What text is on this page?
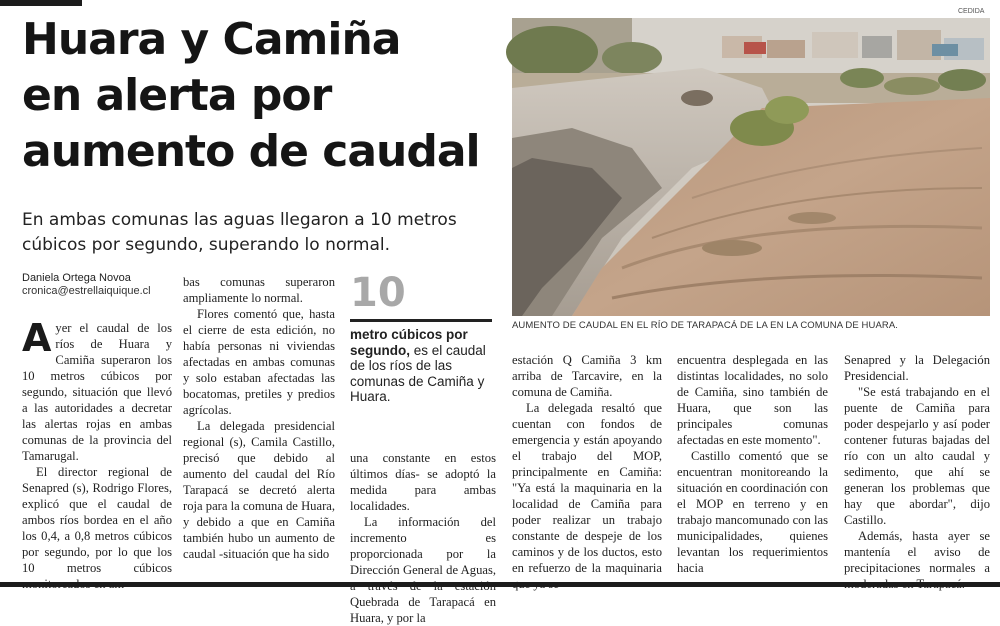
Huara y Camiña
en alerta por
aumento de caudal
En ambas comunas las aguas llegaron a 10 metros cúbicos por segundo, superando lo normal.
Daniela Ortega Novoa
cronica@estrellaiquique.cl

Ayer el caudal de los ríos de Huara y Camiña superaron los 10 metros cúbicos por segundo, situación que llevó a las autoridades a decretar las alertas rojas en ambas comunas de la provincia del Tamarugal.

El director regional de Senapred (s), Rodrigo Flores, explicó que el caudal de ambos ríos bordea en el año los 0,4, a 0,8 metros cúbicos por segundo, por lo que los 10 metros cúbicos

bas comunas superaron ampliamente lo normal.

Flores comentó que, hasta el cierre de esta edición, no había personas ni viviendas afectadas en ambas comunas y solo estaban afectadas las bocatomas, pretiles y predios agrícolas.

La delegada presidencial regional (s), Camila Castillo, precisó que debido al aumento del caudal del Río Tarapacá se decretó alerta roja para la comuna de Huara, y debido a que en Camiña también hubo un aumento de caudal -situación que ha sido

10
metro cúbicos por segundo, es el caudal de los ríos de las comunas de Camiña y Huara.

una constante en estos últimos días- se adoptó la medida para ambas localidades.

La información del incremento es proporcionada por la Dirección General de Aguas, Quebrada de Tarapacá en Huara, y por la

CEDIDA
AUMENTO DE CAUDAL EN EL RÍO DE TARAPACÁ DE LA EN LA COMUNA DE HUARA.

estación Q Camiña 3 km arriba de Tarcavire, en la comuna de Camiña.

La delegada resaltó que cuentan con fondos de emergencia y están apoyando el trabajo del MOP, principalmente en Camiña: "Ya está la maquinaria en la localidad de Camiña para poder realizar un trabajo constante de despeje de los caminos y de los ductos, esto en refuerzo de la maquinaria

encuentra desplegada en las distintas localidades, no solo de Camiña, sino también de Huara, que son las principales comunas afectadas en este momento".

Castillo comentó que se encuentran monitoreando la situación en coordinación con el MOP en terreno y en trabajo mancomunado con las municipalidades, quienes levantan los requerimientos hacia

Senapred y la Delegación Presidencial.

"Se está trabajando en el puente de Camiña para poder despejarlo y así poder contener futuras bajadas del río con un alto caudal y sedimento, que ahí se generan los problemas que hay que abordar", dijo Castillo.

Además, hasta ayer se mantenía el aviso de precipitaciones normales a
